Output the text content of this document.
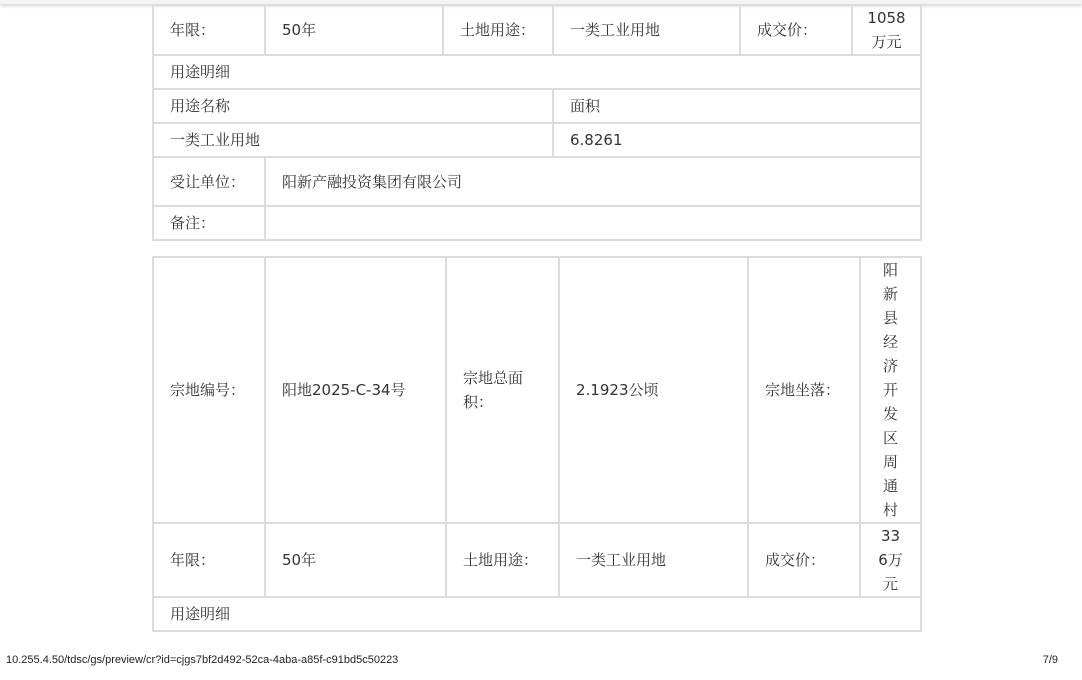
年限：	50年	土地用途：	一类工业用地	成交价：	1058万元
用途明细					
用途名称			面积		
一类工业用地			6.8261		
受让单位：	阳新产融投资集团有限公司				
备注：					
宗地编号：	阳地2025-C-34号	宗地总面积：	2.1923公顷	宗地坐落：	阳新县经济开发区周通村

年限：	50年	土地用途：	一类工业用地	成交价：	336万元

用途明细					
10.255.4.50/tdsc/gs/preview/cr?id=cjgs7bf2d492-52ca-4aba-a85f-c91bd5c50223	7/9
